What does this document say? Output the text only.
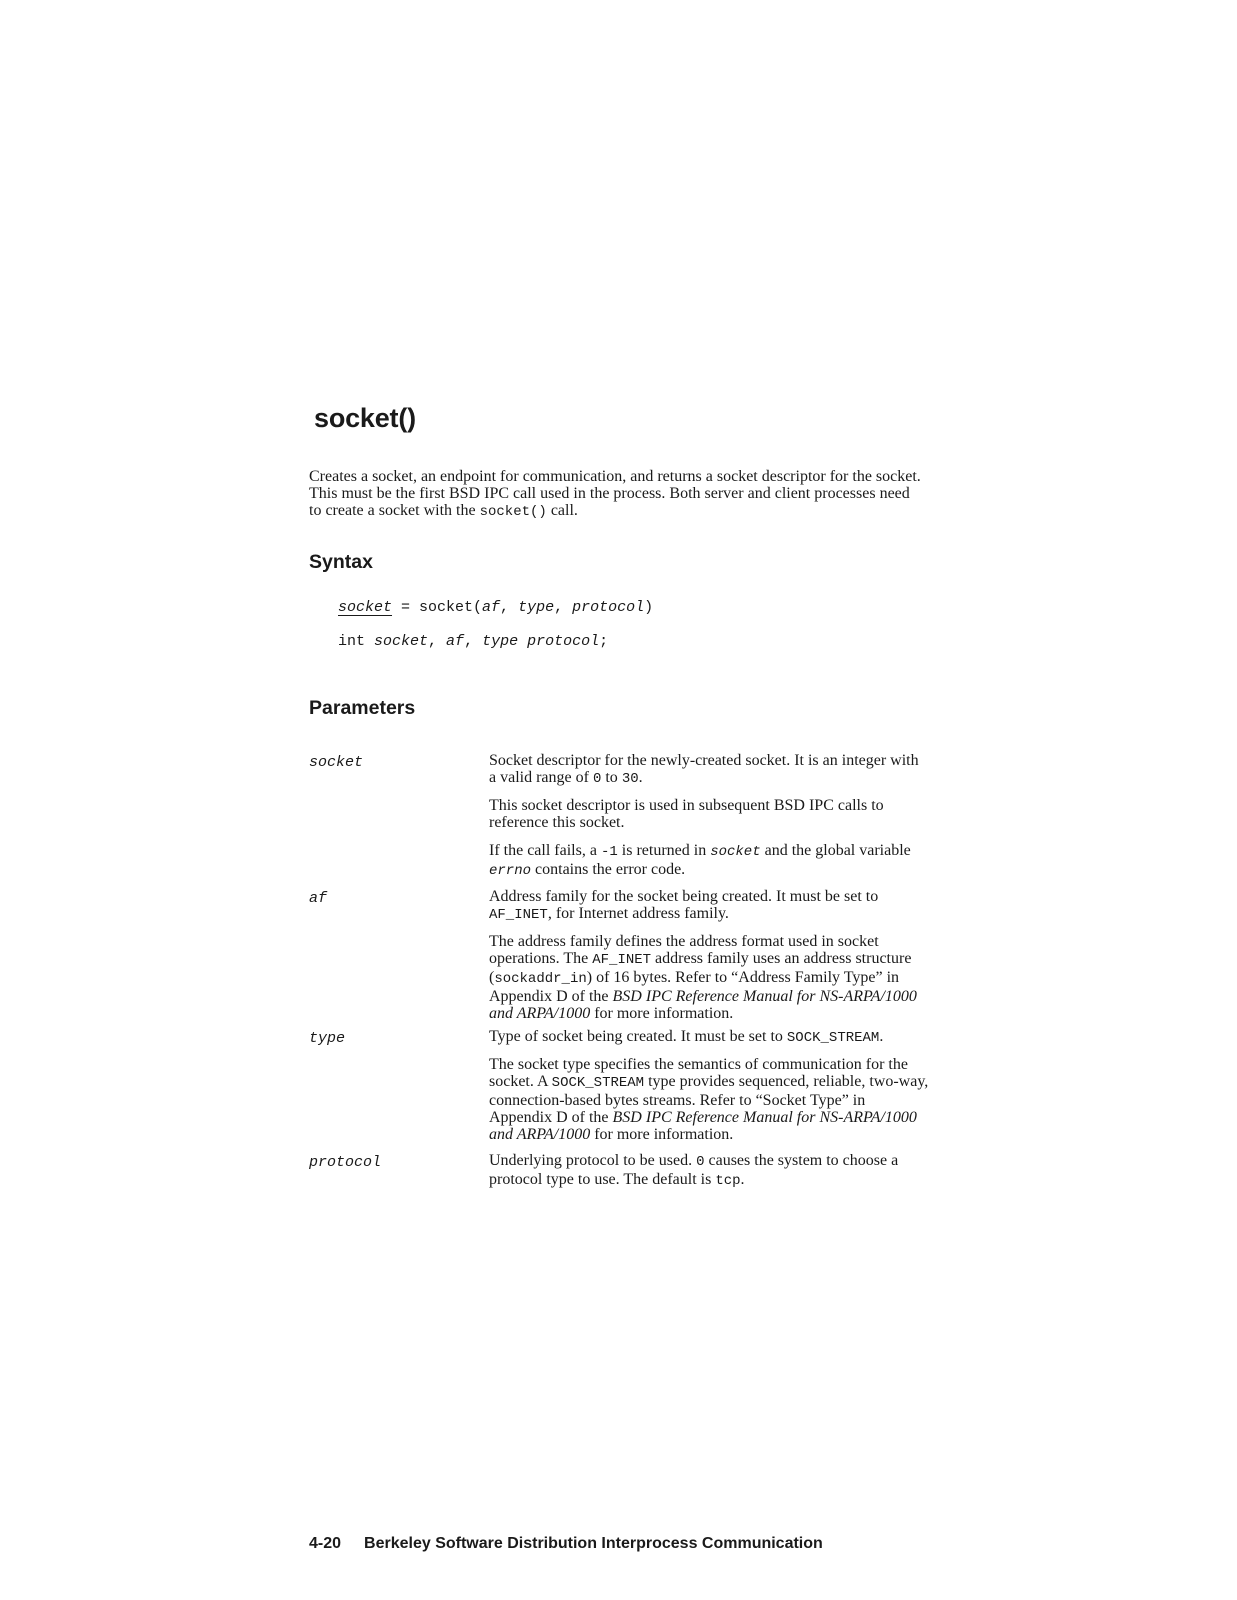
socket()

Creates a socket, an endpoint for communication, and returns a socket descriptor for the socket. This must be the first BSD IPC call used in the process. Both server and client processes need to create a socket with the socket() call.

Syntax

socket = socket(af, type, protocol)

int socket, af, type protocol;

Parameters

socket	Socket descriptor for the newly-created socket. It is an integer with a valid range of 0 to 30.

This socket descriptor is used in subsequent BSD IPC calls to reference this socket.

If the call fails, a -1 is returned in socket and the global variable errno contains the error code.

af	Address family for the socket being created. It must be set to AF_INET, for Internet address family.

The address family defines the address format used in socket operations. The AF_INET address family uses an address structure (sockaddr_in) of 16 bytes. Refer to “Address Family Type” in Appendix D of the BSD IPC Reference Manual for NS-ARPA/1000 and ARPA/1000 for more information.

type	Type of socket being created. It must be set to SOCK_STREAM.

The socket type specifies the semantics of communication for the socket. A SOCK_STREAM type provides sequenced, reliable, two-way, connection-based bytes streams. Refer to “Socket Type” in Appendix D of the BSD IPC Reference Manual for NS-ARPA/1000 and ARPA/1000 for more information.

protocol	Underlying protocol to be used. 0 causes the system to choose a protocol type to use. The default is tcp.

4-20 Berkeley Software Distribution Interprocess Communication
